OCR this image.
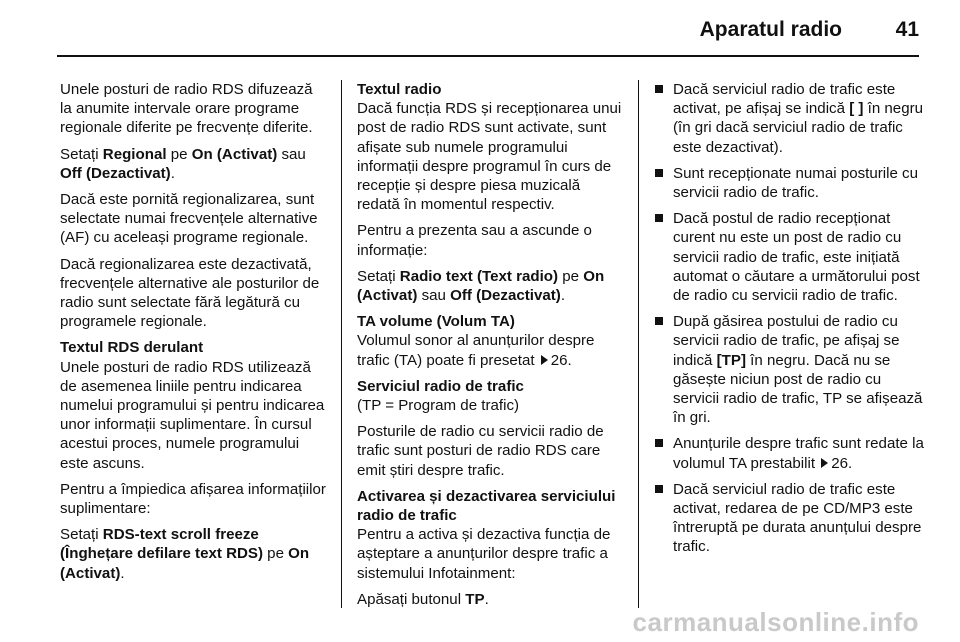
Aparatul radio	41

Unele posturi de radio RDS difuzează la anumite intervale orare programe regionale diferite pe frecvențe diferite.

Setați Regional pe On (Activat) sau Off (Dezactivat).

Dacă este pornită regionalizarea, sunt selectate numai frecvențele alternative (AF) cu aceleași programe regionale.

Dacă regionalizarea este dezactivată, frecvențele alternative ale posturilor de radio sunt selectate fără legătură cu programele regionale.

Textul RDS derulant

Unele posturi de radio RDS utilizează de asemenea liniile pentru indicarea numelui programului și pentru indicarea unor informații suplimentare. În cursul acestui proces, numele programului este ascuns.

Pentru a împiedica afișarea informațiilor suplimentare:

Setați RDS-text scroll freeze (Înghețare defilare text RDS) pe On (Activat).

Textul radio

Dacă funcția RDS și recepționarea unui post de radio RDS sunt activate, sunt afișate sub numele programului informații despre programul în curs de recepție și despre piesa muzicală redată în momentul respectiv.

Pentru a prezenta sau a ascunde o informație:

Setați Radio text (Text radio) pe On (Activat) sau Off (Dezactivat).

TA volume (Volum TA)

Volumul sonor al anunțurilor despre trafic (TA) poate fi presetat 26.

Serviciul radio de trafic

(TP = Program de trafic)

Posturile de radio cu servicii radio de trafic sunt posturi de radio RDS care emit știri despre trafic.

Activarea și dezactivarea serviciului radio de trafic

Pentru a activa și dezactiva funcția de așteptare a anunțurilor despre trafic a sistemului Infotainment:

Apăsați butonul TP.

Dacă serviciul radio de trafic este activat, pe afișaj se indică [ ] în negru (în gri dacă serviciul radio de trafic este dezactivat).
Sunt recepționate numai posturile cu servicii radio de trafic.
Dacă postul de radio recepționat curent nu este un post de radio cu servicii radio de trafic, este inițiată automat o căutare a următorului post de radio cu servicii radio de trafic.
După găsirea postului de radio cu servicii radio de trafic, pe afișaj se indică [TP] în negru. Dacă nu se găsește niciun post de radio cu servicii radio de trafic, TP se afișează în gri.
Anunțurile despre trafic sunt redate la volumul TA prestabilit 26.
Dacă serviciul radio de trafic este activat, redarea de pe CD/MP3 este întreruptă pe durata anunțului despre trafic.
carmanualsonline.info
